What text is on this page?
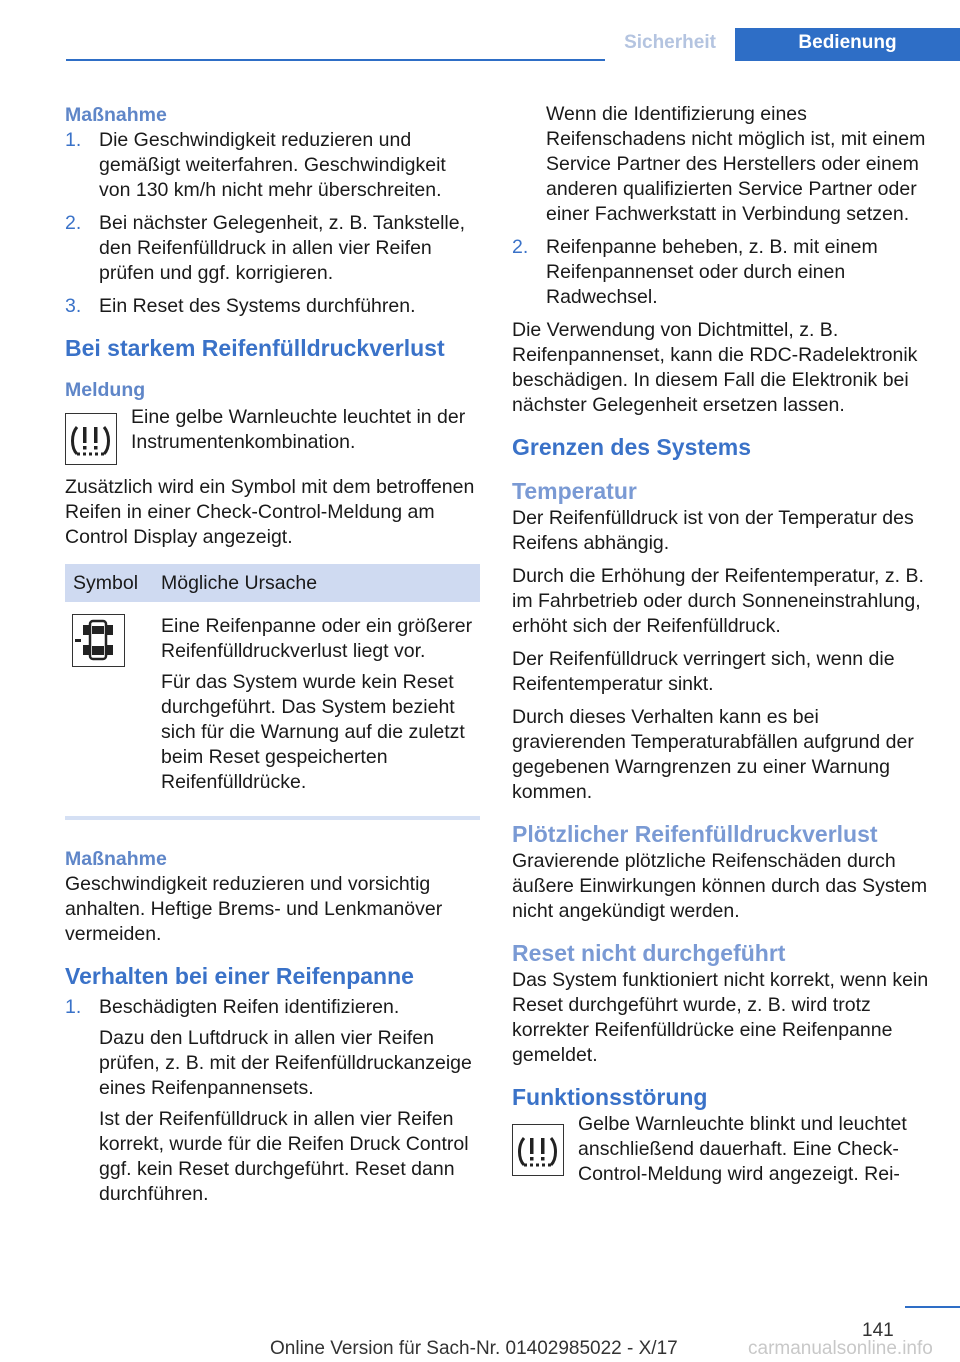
Sicherheit	Bedienung
Maßnahme
1. Die Geschwindigkeit reduzieren und gemäßigt weiterfahren. Geschwindigkeit von 130 km/h nicht mehr überschreiten.
2. Bei nächster Gelegenheit, z. B. Tankstelle, den Reifenfülldruck in allen vier Reifen prüfen und ggf. korrigieren.
3. Ein Reset des Systems durchführen.
Bei starkem Reifenfülldruckverlust
Meldung

Eine gelbe Warnleuchte leuchtet in der Instrumentenkombination.

Zusätzlich wird ein Symbol mit dem betroffenen Reifen in einer Check-Control-Meldung am Control Display angezeigt.

Symbol	Mögliche Ursache

Eine Reifenpanne oder ein größerer Reifenfülldruckverlust liegt vor.

Für das System wurde kein Reset durchgeführt. Das System bezieht sich für die Warnung auf die zuletzt beim Reset gespeicherten Reifenfülldrücke.

Maßnahme

Geschwindigkeit reduzieren und vorsichtig anhalten. Heftige Brems- und Lenkmanöver vermeiden.

Verhalten bei einer Reifenpanne
1. Beschädigten Reifen identifizieren.

Dazu den Luftdruck in allen vier Reifen prüfen, z. B. mit der Reifenfülldruckanzeige eines Reifenpannensets.

Ist der Reifenfülldruck in allen vier Reifen korrekt, wurde für die Reifen Druck Control ggf. kein Reset durchgeführt. Reset dann durchführen.

Wenn die Identifizierung eines Reifenschadens nicht möglich ist, mit einem Service Partner des Herstellers oder einem anderen qualifizierten Service Partner oder einer Fachwerkstatt in Verbindung setzen.

2. Reifenpanne beheben, z. B. mit einem Reifenpannenset oder durch einen Radwechsel.

Die Verwendung von Dichtmittel, z. B. Reifenpannenset, kann die RDC-Radelektronik beschädigen. In diesem Fall die Elektronik bei nächster Gelegenheit ersetzen lassen.

Grenzen des Systems
Temperatur

Der Reifenfülldruck ist von der Temperatur des Reifens abhängig.

Durch die Erhöhung der Reifentemperatur, z. B. im Fahrbetrieb oder durch Sonneneinstrahlung, erhöht sich der Reifenfülldruck.

Der Reifenfülldruck verringert sich, wenn die Reifentemperatur sinkt.

Durch dieses Verhalten kann es bei gravierenden Temperaturabfällen aufgrund der gegebenen Warngrenzen zu einer Warnung kommen.

Plötzlicher Reifenfülldruckverlust

Gravierende plötzliche Reifenschäden durch äußere Einwirkungen können durch das System nicht angekündigt werden.

Reset nicht durchgeführt

Das System funktioniert nicht korrekt, wenn kein Reset durchgeführt wurde, z. B. wird trotz korrekter Reifenfülldrücke eine Reifenpanne gemeldet.

Funktionsstörung

Gelbe Warnleuchte blinkt und leuchtet anschließend dauerhaft. Eine Check-Control-Meldung wird angezeigt. Rei-

141
Online Version für Sach-Nr. 01402985022 - X/17	carmanualsonline.info
